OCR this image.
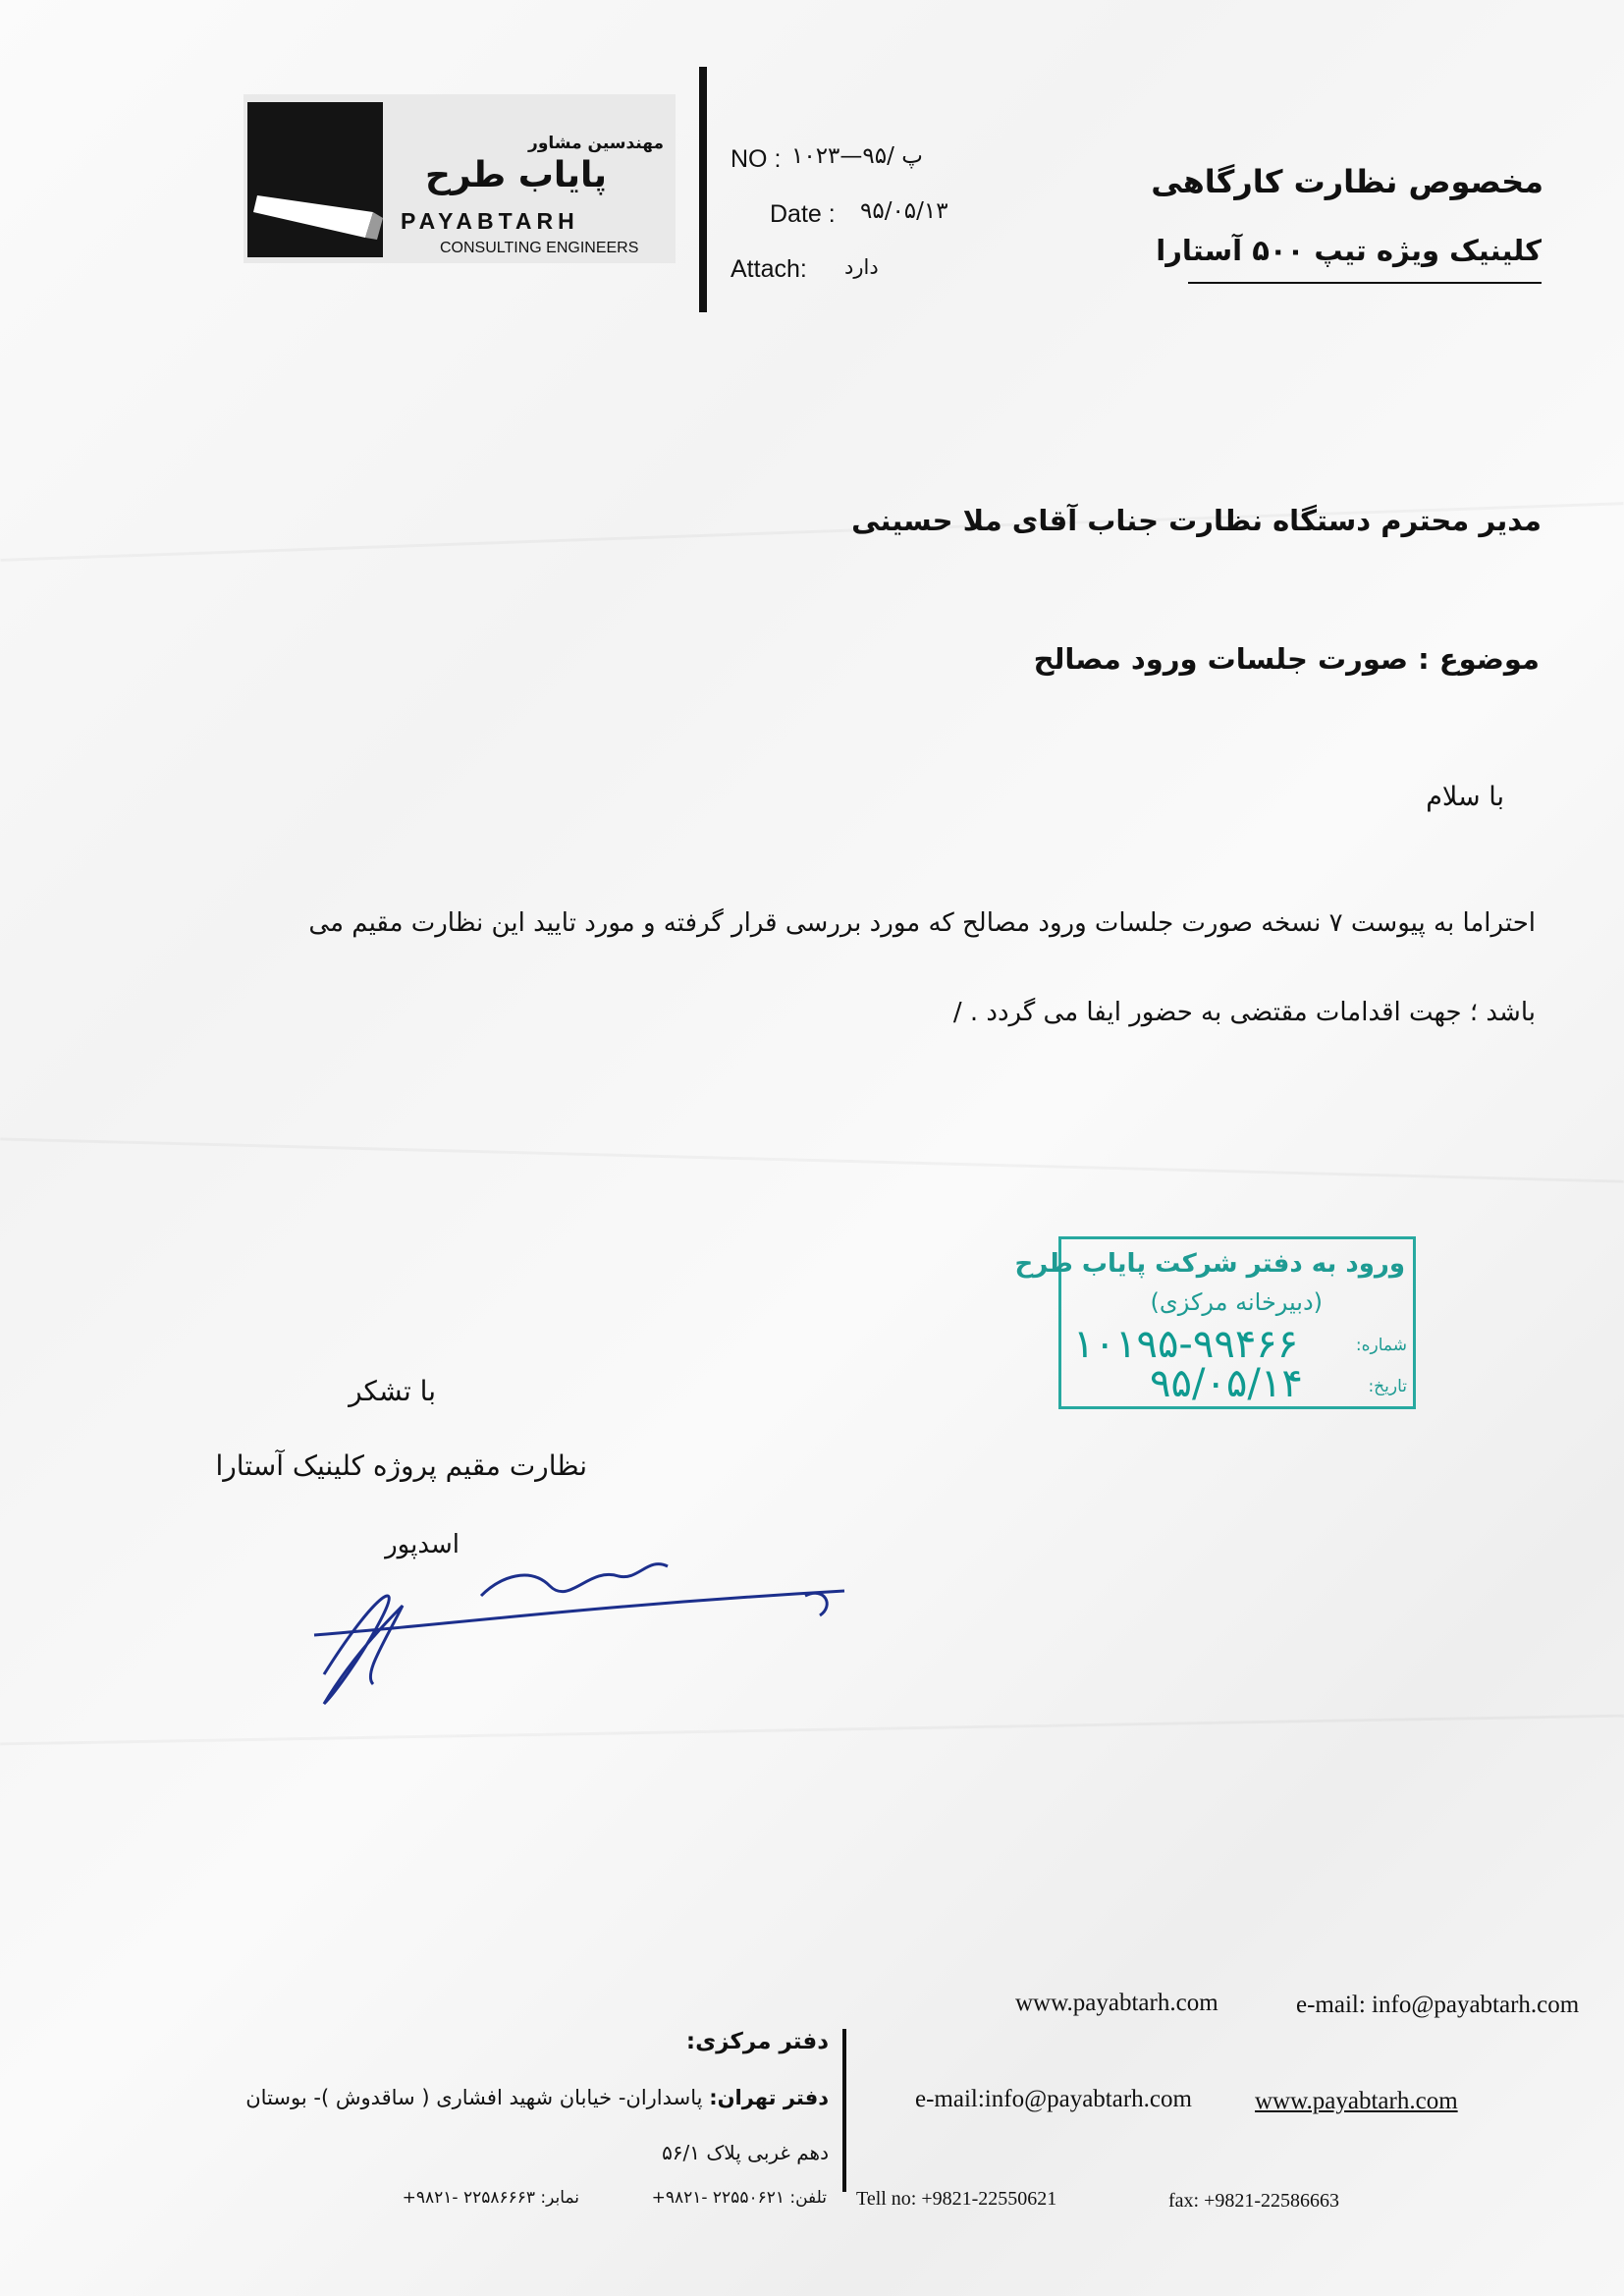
مهندسین مشاور
پایاب طرح
PAYABTARH
CONSULTING ENGINEERS
NO : ۱۰۲۳—۹۵/ پ
Date : ۹۵/۰۵/۱۳
Attach: دارد
مخصوص نظارت کارگاهی
کلینیک ویژه تیپ ۵۰۰ آستارا
مدیر محترم دستگاه نظارت جناب آقای ملا حسینی
موضوع : صورت جلسات ورود مصالح
با سلام
احتراما به پیوست ۷ نسخه صورت جلسات ورود مصالح که مورد بررسی قرار گرفته و مورد تایید این نظارت مقیم می
باشد ؛ جهت اقدامات مقتضی به حضور ایفا می گردد . /
ورود به دفتر شرکت پایاب طرح
(دبیرخانه مرکزی)
شماره:
۱۰۱۹۵-۹۹۴۶۶
تاریخ:
۹۵/۰۵/۱۴
با تشکر
نظارت مقیم پروژه کلینیک آستارا
اسدپور
www.payabtarh.com	e-mail: info@payabtarh.com
دفتر مرکزی:
دفتر تهران: پاسداران- خیابان شهید افشاری ( ساقدوش )- بوستان
دهم غربی پلاک ۵۶/۱
e-mail:info@payabtarh.com	www.payabtarh.com
تلفن: ۲۲۵۵۰۶۲۱ -۹۸۲۱+
نمابر: ۲۲۵۸۶۶۶۳ -۹۸۲۱+	Tell no: +9821-22550621	fax: +9821-22586663
